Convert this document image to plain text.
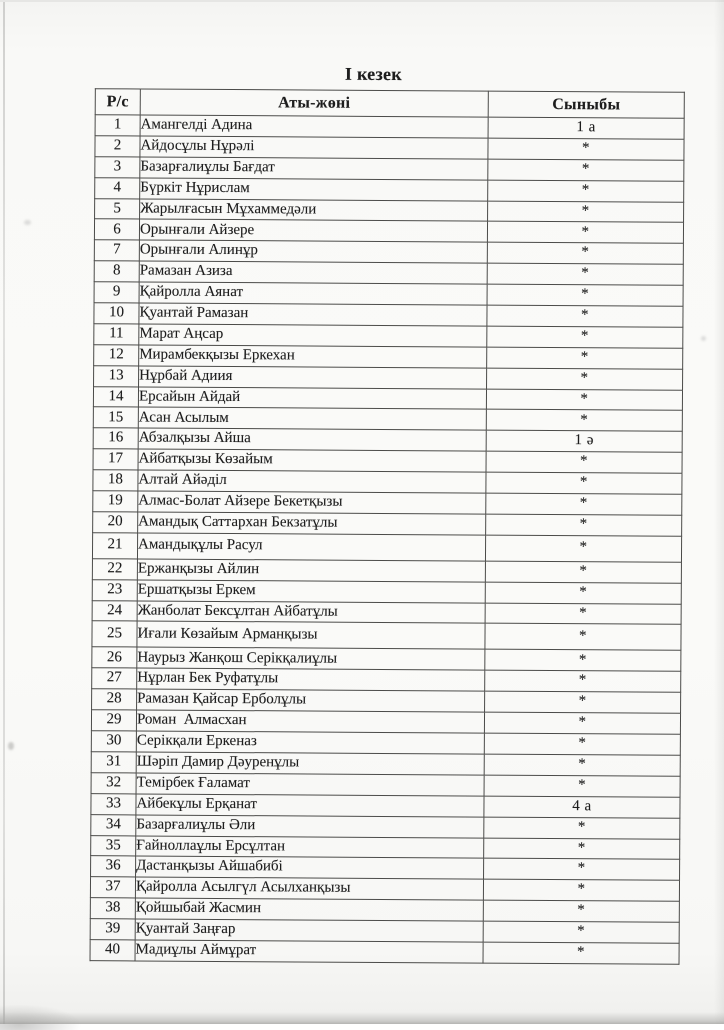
І кезек

Р/с	Аты-жөні	Сыныбы
1	Амангелді Адина	1 а
2	Айдосұлы Нұрәлі	*
3	Базарғалиұлы Бағдат	*
4	Бүркіт Нұрислам	*
5	Жарылғасын Мұхаммедәли	*
6	Орынғали Айзере	*
7	Орынғали Алинұр	*
8	Рамазан Азиза	*
9	Қайролла Аянат	*
10	Қуантай Рамазан	*
11	Марат Аңсар	*
12	Мирамбекқызы Еркехан	*
13	Нұрбай Адиия	*
14	Ерсайын Айдай	*
15	Асан Асылым	*
16	Абзалқызы Айша	1 ә
17	Айбатқызы Көзайым	*
18	Алтай Айәділ	*
19	Алмас-Болат Айзере Бекетқызы	*
20	Амандық Саттархан Бекзатұлы	*
21	Амандықұлы Расул	*
22	Ержанқызы Айлин	*
23	Ершатқызы Еркем	*
24	Жанболат Бексұлтан Айбатұлы	*
25	Иғали Көзайым Арманқызы	*
26	Наурыз Жанқош Серікқалиұлы	*
27	Нұрлан Бек Руфатұлы	*
28	Рамазан Қайсар Ерболұлы	*
29	Роман  Алмасхан	*
30	Серікқали Еркеназ	*
31	Шәріп Дамир Дәуренұлы	*
32	Темірбек Ғаламат	*
33	Айбекұлы Ерқанат	4 а
34	Базарғалиұлы Әли	*
35	Ғайноллаұлы Ерсұлтан	*
36	Дастанқызы Айшабибі	*
37	Қайролла Асылгүл Асылханқызы	*
38	Қойшыбай Жасмин	*
39	Қуантай Заңғар	*
40	Мадиұлы Аймұрат	*
